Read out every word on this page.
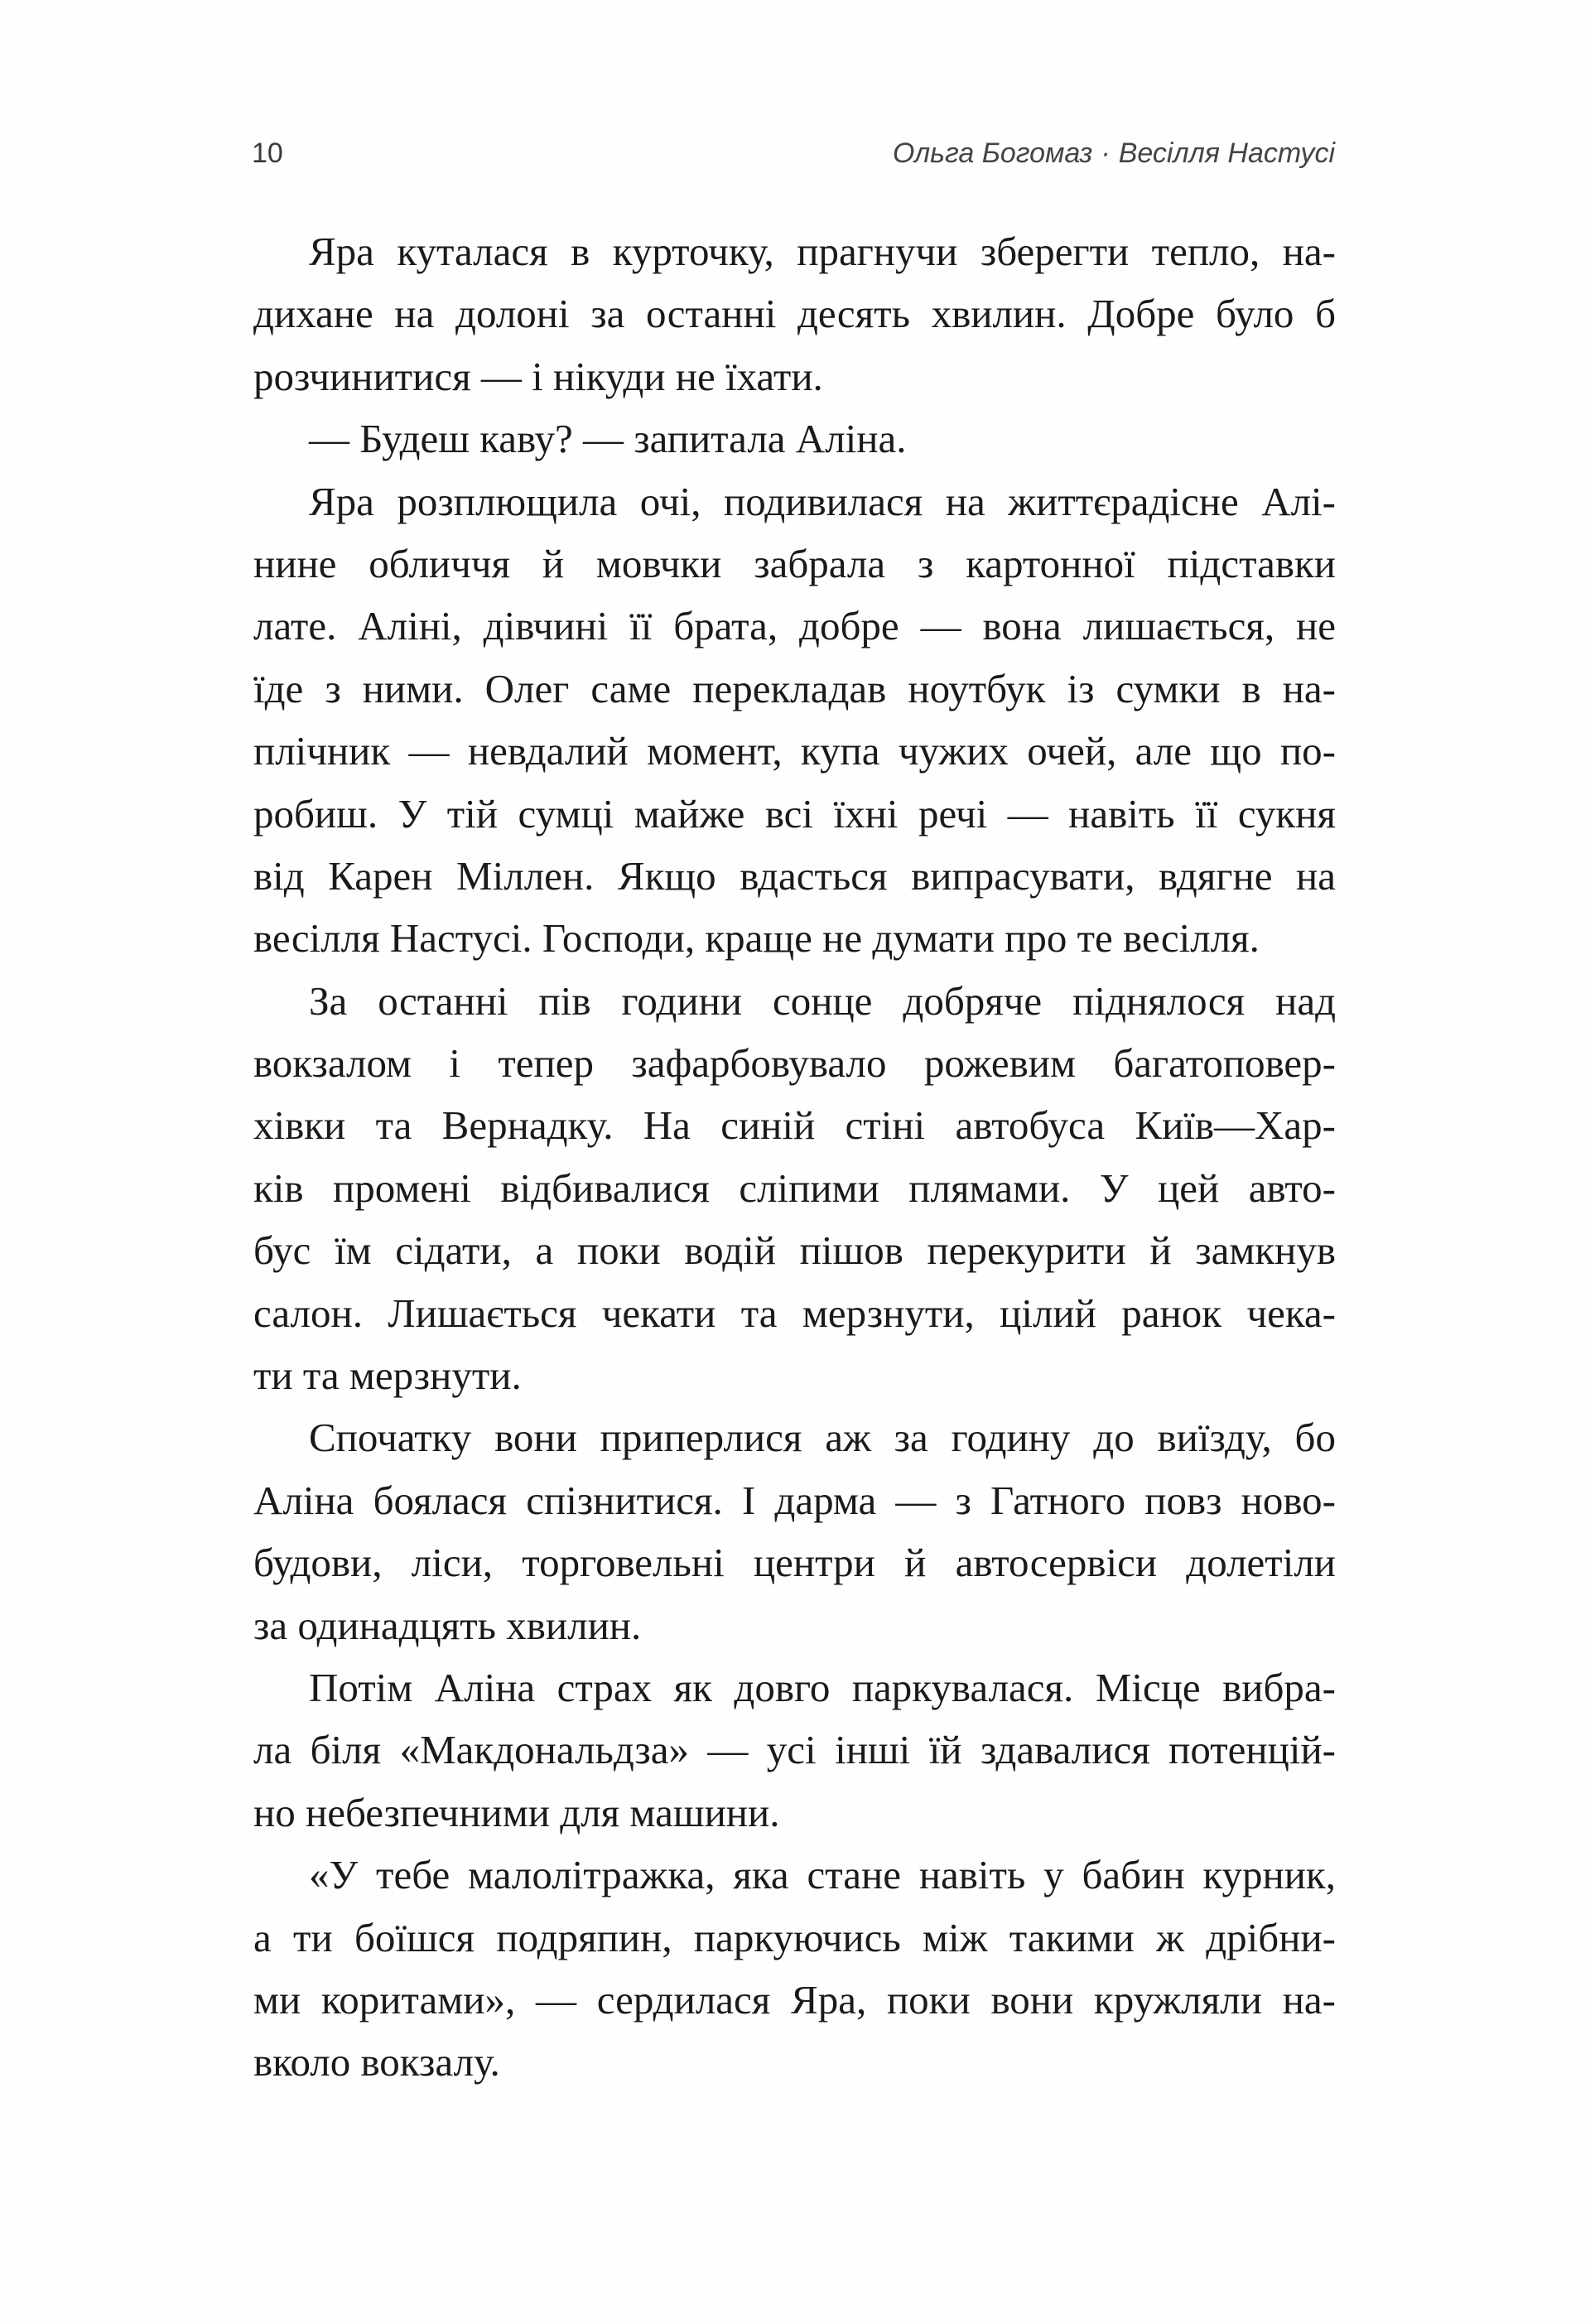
10	Ольга Богомаз · Весілля Настусі
Яра куталася в курточку, прагнучи зберегти тепло, на-
дихане на долоні за останні десять хвилин. Добре було б
розчинитися — і нікуди не їхати.
— Будеш каву? — запитала Аліна.
Яра розплющила очі, подивилася на життєрадісне Алі-
нине обличчя й мовчки забрала з картонної підставки
лате. Аліні, дівчині її брата, добре — вона лишається, не
їде з ними. Олег саме перекладав ноутбук із сумки в на-
плічник — невдалий момент, купа чужих очей, але що по-
робиш. У тій сумці майже всі їхні речі — навіть її сукня
від Карен Міллен. Якщо вдасться випрасувати, вдягне на
весілля Настусі. Господи, краще не думати про те весілля.
За останні пів години сонце добряче піднялося над
вокзалом і тепер зафарбовувало рожевим багатоповер-
хівки та Вернадку. На синій стіні автобуса Київ—Хар-
ків промені відбивалися сліпими плямами. У цей авто-
бус їм сідати, а поки водій пішов перекурити й замкнув
салон. Лишається чекати та мерзнути, цілий ранок чека-
ти та мерзнути.
Спочатку вони приперлися аж за годину до виїзду, бо
Аліна боялася спізнитися. І дарма — з Гатного повз ново-
будови, ліси, торговельні центри й автосервіси долетіли
за одинадцять хвилин.
Потім Аліна страх як довго паркувалася. Місце вибра-
ла біля «Макдональдза» — усі інші їй здавалися потенцій-
но небезпечними для машини.
«У тебе малолітражка, яка стане навіть у бабин курник,
а ти боїшся подряпин, паркуючись між такими ж дрібни-
ми коритами», — сердилася Яра, поки вони кружляли на-
вколо вокзалу.
